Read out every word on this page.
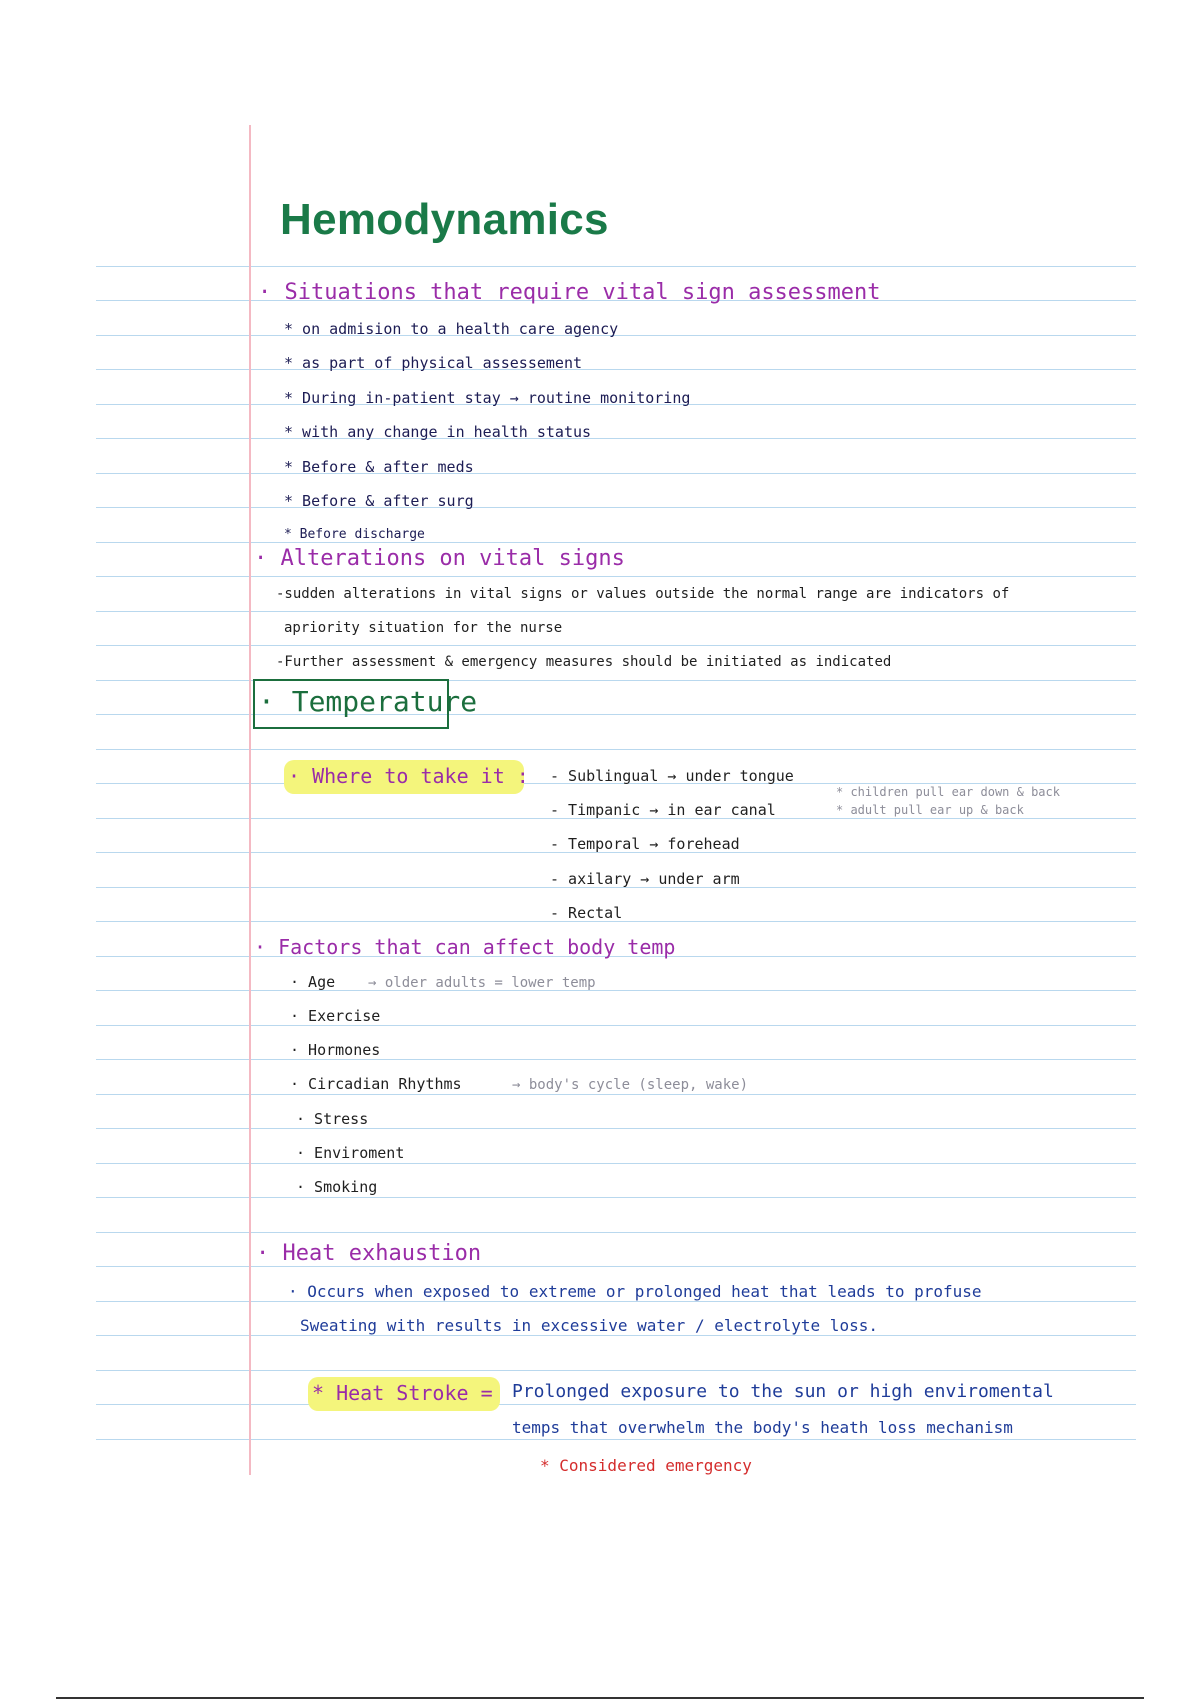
Hemodynamics
· Situations that require vital sign assessment
* on admision to a health care agency
* as part of physical assessement
* During in-patient stay → routine monitoring
* with any change in health status
* Before & after meds
* Before & after surg
* Before discharge
· Alterations on vital signs
-sudden alterations in vital signs or values outside the normal range are indicators of
apriority situation for the nurse
-Further assessment & emergency measures should be initiated as indicated
· Temperature
· Where to take it : - Sublingual → under tongue
- Timpanic → in ear canal
- Temporal → forehead
- axilary → under arm
- Rectal
* children pull ear down & back
* adult pull ear up & back
· Factors that can affect body temp
· Age → older adults = lower temp
· Exercise
· Hormones
· Circadian Rhythms	→ body's cycle (sleep, wake)
· Stress
· Enviroment
· Smoking
· Heat exhaustion
· Occurs when exposed to extreme or prolonged heat that leads to profuse
Sweating with results in excessive water / electrolyte loss.
* Heat Stroke = Prolonged exposure to the sun or high enviromental
temps that overwhelm the body's heath loss mechanism
* Considered emergency
